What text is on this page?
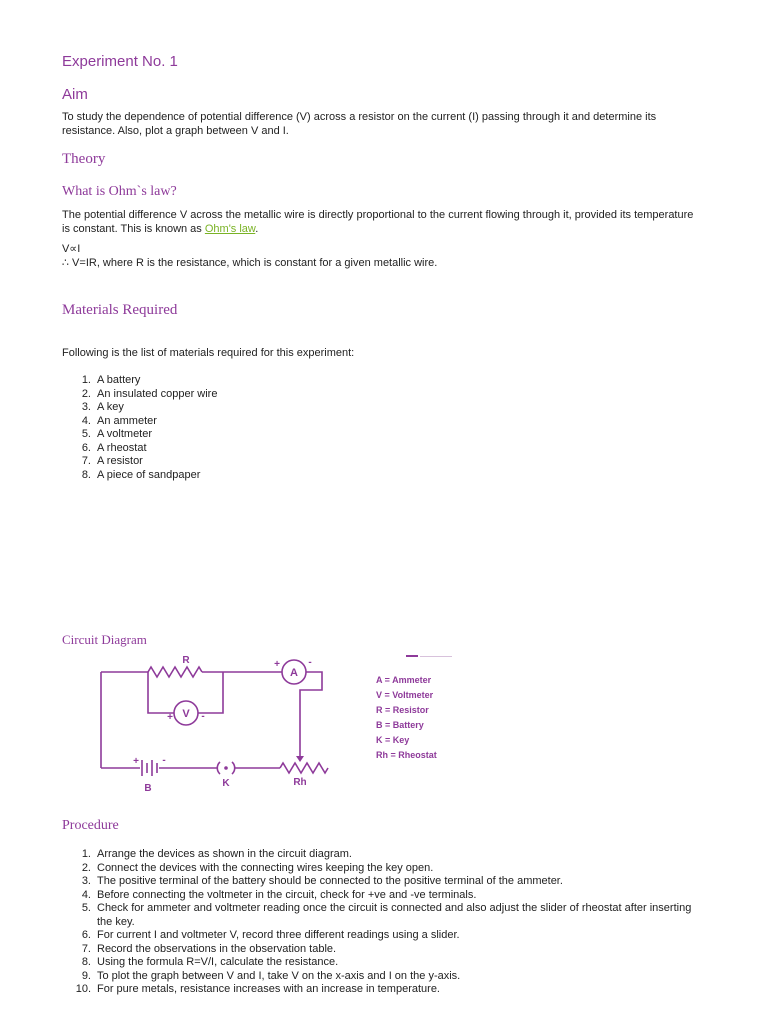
Experiment No. 1
Aim
To study the dependence of potential difference (V) across a resistor on the current (I) passing through it and determine its resistance. Also, plot a graph between V and I.
Theory
What is Ohm`s law?
The potential difference V across the metallic wire is directly proportional to the current flowing through it, provided its temperature is constant. This is known as Ohm's law.
V∝I
∴ V=IR, where R is the resistance, which is constant for a given metallic wire.
Materials Required
Following is the list of materials required for this experiment:
1. A battery
2. An insulated copper wire
3. A key
4. An ammeter
5. A voltmeter
6. A rheostat
7. A resistor
8. A piece of sandpaper
Circuit Diagram
R
A
+	-
V
+	-
+ -
B	K	Rh
A = Ammeter
V = Voltmeter
R = Resistor
B = Battery
K = Key
Rh = Rheostat
Procedure
1. Arrange the devices as shown in the circuit diagram.
2. Connect the devices with the connecting wires keeping the key open.
3. The positive terminal of the battery should be connected to the positive terminal of the ammeter.
4. Before connecting the voltmeter in the circuit, check for +ve and -ve terminals.
5. Check for ammeter and voltmeter reading once the circuit is connected and also adjust the slider of rheostat after inserting the key.
6. For current I and voltmeter V, record three different readings using a slider.
7. Record the observations in the observation table.
8. Using the formula R=V/I, calculate the resistance.
9. To plot the graph between V and I, take V on the x-axis and I on the y-axis.
10. For pure metals, resistance increases with an increase in temperature.
